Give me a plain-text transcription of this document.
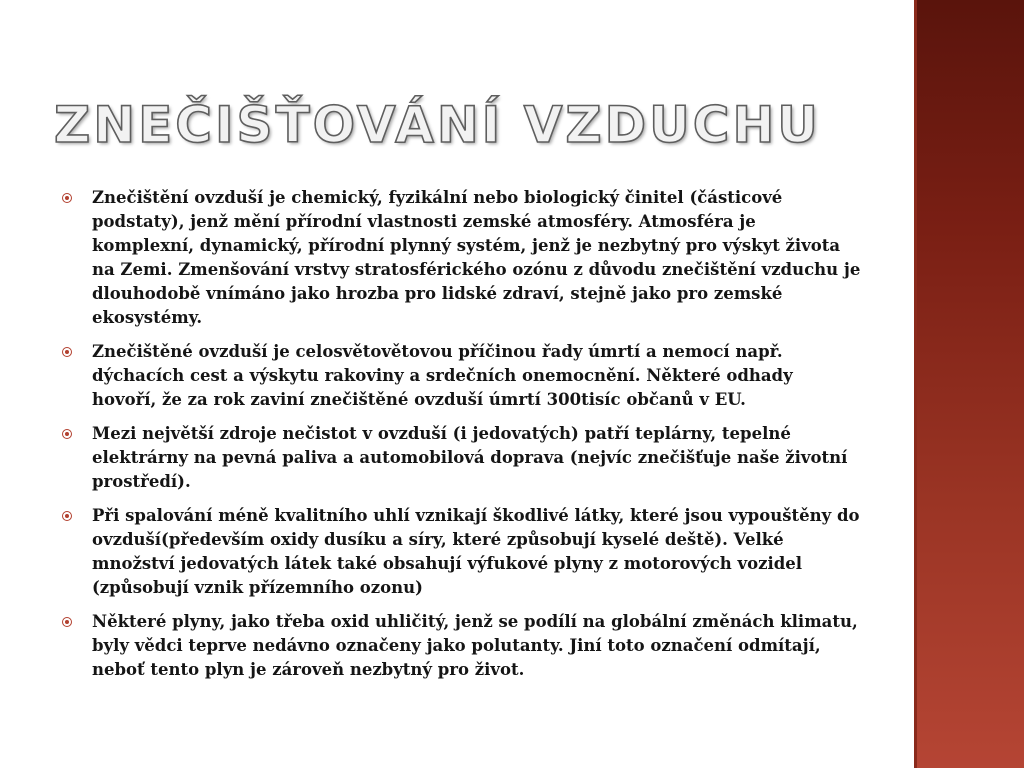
ZNEČIŠŤOVÁNÍ VZDUCHU
Znečištění ovzduší je chemický, fyzikální nebo biologický činitel (částicové podstaty), jenž mění přírodní vlastnosti zemské atmosféry. Atmosféra je komplexní, dynamický, přírodní plynný systém, jenž je nezbytný pro výskyt života na Zemi. Zmenšování vrstvy stratosférického ozónu z důvodu znečištění vzduchu je dlouhodobě vnímáno jako hrozba pro lidské zdraví, stejně jako pro zemské ekosystémy.
Znečištěné ovzduší je celosvětovětovou příčinou řady úmrtí a nemocí např. dýchacích cest a výskytu rakoviny a srdečních onemocnění. Některé odhady hovoří, že za rok zaviní znečištěné ovzduší úmrtí 300tisíc občanů v EU.
Mezi největší zdroje nečistot v ovzduší (i jedovatých) patří teplárny, tepelné elektrárny na pevná paliva a automobilová doprava (nejvíc znečišťuje naše životní prostředí).
Při spalování méně kvalitního uhlí vznikají škodlivé látky, které jsou vypouštěny do ovzduší(především oxidy dusíku a síry, které způsobují kyselé deště). Velké množství jedovatých látek také obsahují výfukové plyny z motorových vozidel (způsobují vznik přízemního ozonu)
Některé plyny, jako třeba oxid uhličitý, jenž se podílí na globální změnách klimatu, byly vědci teprve nedávno označeny jako polutanty. Jiní toto označení odmítají, neboť tento plyn je zároveň nezbytný pro život.
